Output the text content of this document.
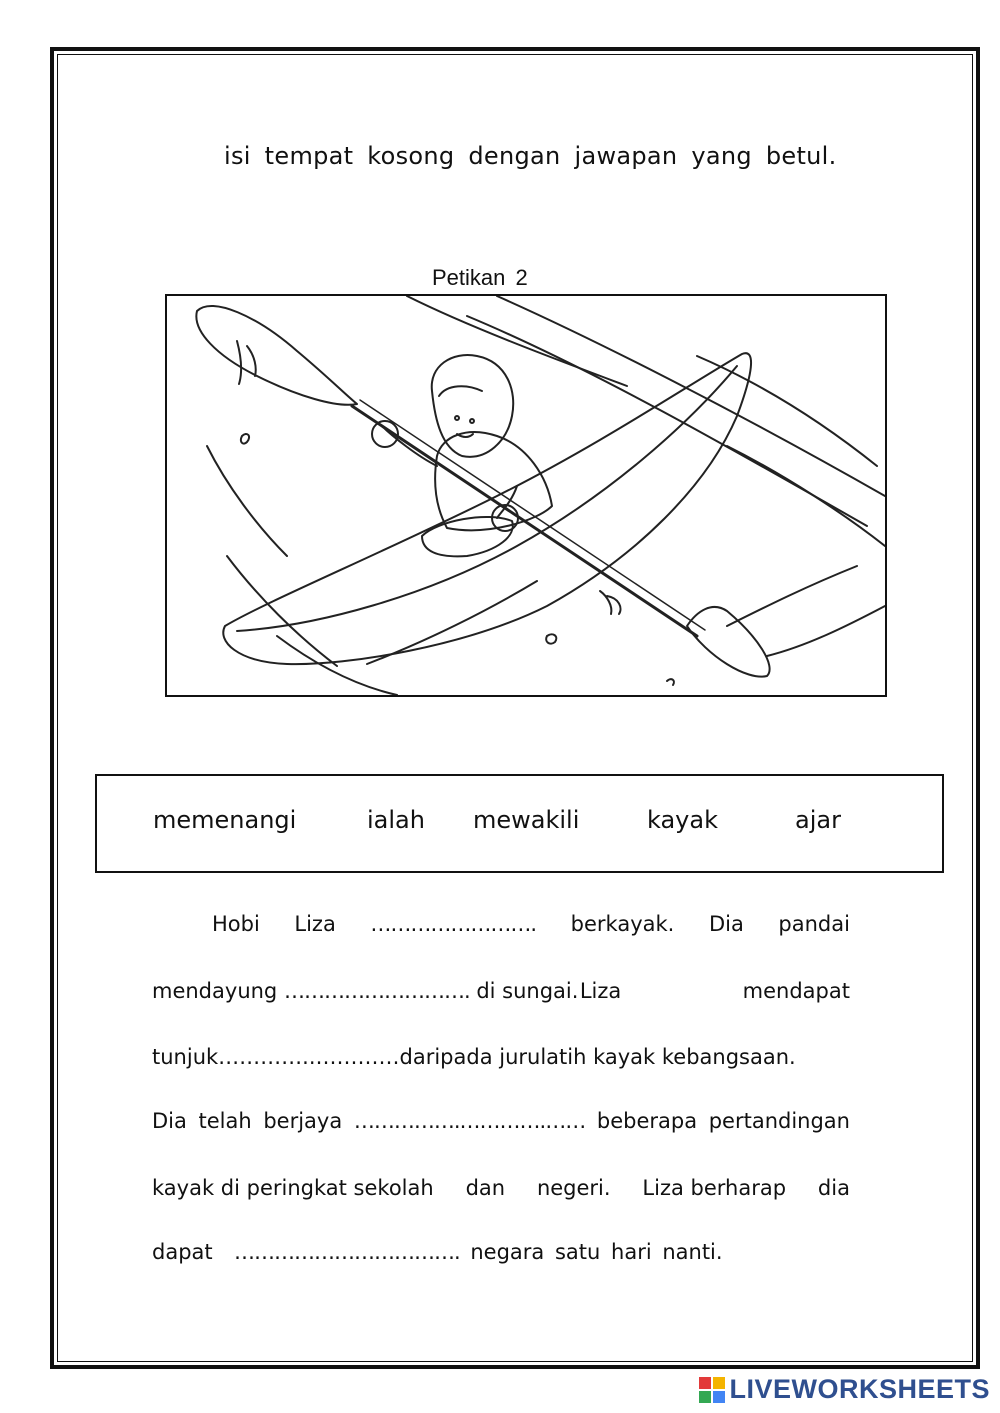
isi tempat kosong dengan jawapan yang betul.
Petikan 2
memenangi	ialah mewakili	kayak	ajar
Hobi Liza ……………………. berkayak. Dia pandai
mendayung ………………………. di sungai. Liza	mendapat
tunjuk…………..…………daripada jurulatih kayak kebangsaan.
Dia telah berjaya …………….………….…… beberapa pertandingan
kayak di peringkat sekolah dan negeri. Liza berharap dia
dapat
…………………………….
negara satu hari nanti.
LIVEWORKSHEETS
